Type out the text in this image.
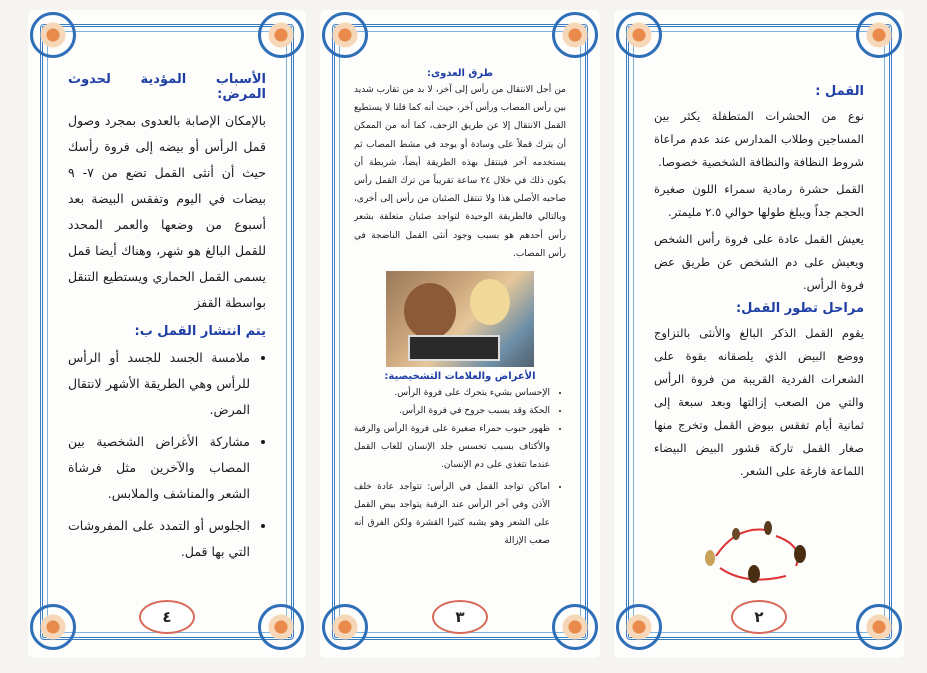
الأسباب المؤدية لحدوث المرض:
بالإمكان الإصابة بالعدوى بمجرد وصول قمل الرأس أو بيضه إلى فروة رأسك حيث أن أنثى القمل تضع من ٧- ٩ بيضات في اليوم وتفقس البيضة بعد أسبوع من وضعها والعمر المحدد للقمل البالغ هو شهر، وهناك أيضا قمل يسمى القمل الحماري ويستطيع التنقل بواسطة القفز
يتم انتشار القمل ب:
• ملامسة الجسد للجسد أو الرأس للرأس وهي الطريقة الأشهر لانتقال المرض.
• مشاركة الأغراض الشخصية بين المصاب والآخرين مثل فرشاة الشعر والمناشف والملابس.
• الجلوس أو التمدد على المفروشات التي بها قمل.
٤
طرق العدوى:

من أجل الانتقال من رأس إلى آخر، لا بد من تقارب شديد بين رأس المصاب ورأس آخر، حيث أنه كما قلنا لا يستطيع القمل الانتقال إلا عن طريق الزحف، كما أنه من الممكن أن يترك قملاً على وسادة أو يوجد في مشط المصاب ثم يستخدمه آخر فينتقل بهذه الطريقة أيضاً، شريطة أن يكون ذلك في خلال ٢٤ ساعة تقريباً من ترك القمل رأس صاحبه الأصلي هذا ولا تنتقل الصئبان من رأس إلى أخرى، وبالتالي فالطريقة الوحيدة لتواجد صئبان متعلقة بشعر رأس أحدهم هو بسبب وجود أنثى القمل الناضجة في رأس المصاب.

الأعراض والعلامات التشخيصية:
• الإحساس بشيء يتحرك على فروة الرأس.
• الحكة وقد يسبب جروح في فروة الرأس.
• ظهور حبوب حمراء صغيرة على فروة الرأس والرقبة والأكتاف بسبب تحسس جلد الإنسان للعاب القمل عندما تتغذى على دم الإنسان.
• اماكن تواجد القمل في الرأس: تتواجد عادة خلف الأذن وفي آخر الرأس عند الرقبة يتواجد بيض القمل على الشعر وهو يشبه كثيرا القشرة ولكن الفرق أنه صعب الإزالة
٣
القمل :
نوع من الحشرات المتطفلة يكثر بين المساجين وطلاب المدارس عند عدم مراعاة شروط النظافة والنظافة الشخصية خصوصا.
القمل حشرة رمادية سمراء اللون صغيرة الحجم جداً ويبلغ طولها حوالي ٢.٥ مليمتر.
يعيش القمل عادة على فروة رأس الشخص ويعيش على دم الشخص عن طريق عض فروة الرأس.
مراحل تطور القمل:
يقوم القمل الذكر البالغ والأنثى بالتزاوج ووضع البيض الذي يلصقانه بقوة على الشعرات الفردية القريبة من فروة الرأس والتي من الصعب إزالتها وبعد سبعة إلى ثمانية أيام تفقس بيوض القمل وتخرج منها صغار القمل تاركة قشور البيض البيضاء اللماعة فارغة على الشعر.
٢
